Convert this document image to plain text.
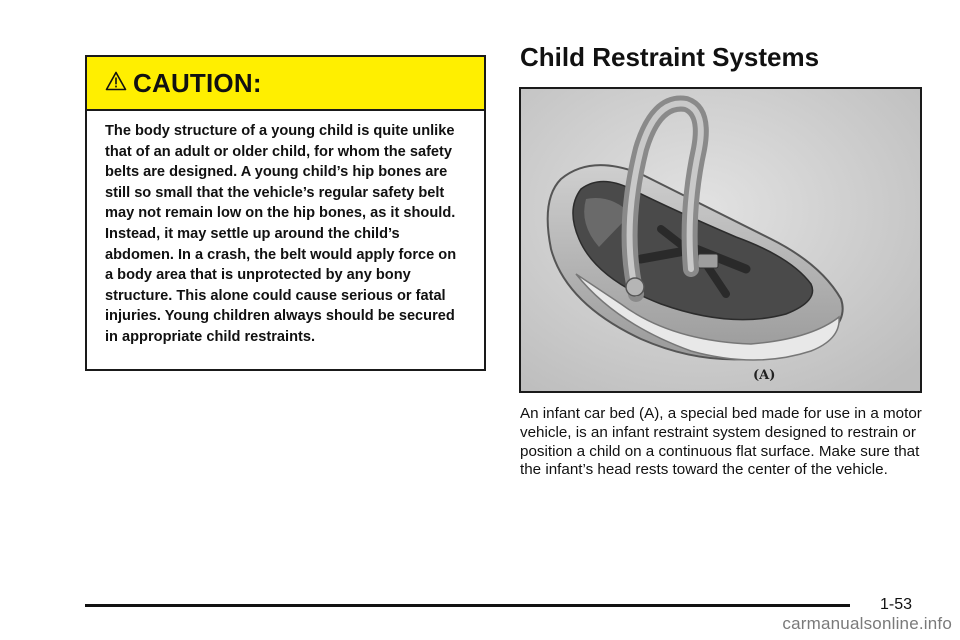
CAUTION:

The body structure of a young child is quite unlike that of an adult or older child, for whom the safety belts are designed. A young child’s hip bones are still so small that the vehicle’s regular safety belt may not remain low on the hip bones, as it should. Instead, it may settle up around the child’s abdomen. In a crash, the belt would apply force on a body area that is unprotected by any bony structure. This alone could cause serious or fatal injuries. Young children always should be secured in appropriate child restraints.

Child Restraint Systems
(A)

An infant car bed (A), a special bed made for use in a motor vehicle, is an infant restraint system designed to restrain or position a child on a continuous flat surface. Make sure that the infant’s head rests toward the center of the vehicle.

1-53
carmanualsonline.info
